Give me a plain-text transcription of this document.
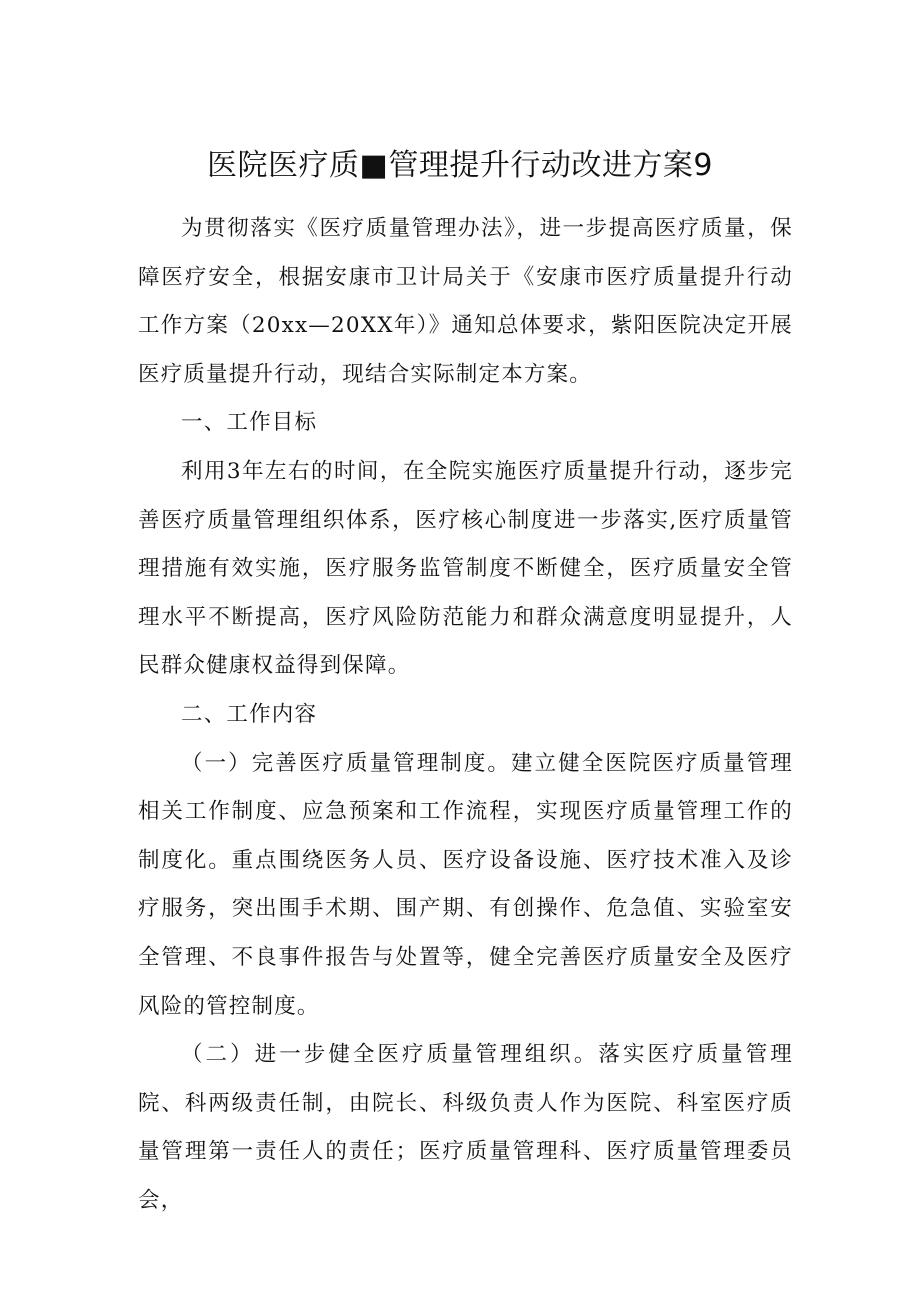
医院医疗质■管理提升行动改进方案9

为贯彻落实《医疗质量管理办法》，进一步提高医疗质量，保障医疗安全，根据安康市卫计局关于《安康市医疗质量提升行动工作方案（20xx—20XX年）》通知总体要求，紫阳医院决定开展医疗质量提升行动，现结合实际制定本方案。

一、工作目标

利用3年左右的时间，在全院实施医疗质量提升行动，逐步完善医疗质量管理组织体系，医疗核心制度进一步落实,医疗质量管理措施有效实施，医疗服务监管制度不断健全，医疗质量安全管理水平不断提高，医疗风险防范能力和群众满意度明显提升，人民群众健康权益得到保障。

二、工作内容

（一）完善医疗质量管理制度。建立健全医院医疗质量管理相关工作制度、应急预案和工作流程，实现医疗质量管理工作的制度化。重点围绕医务人员、医疗设备设施、医疗技术准入及诊疗服务，突出围手术期、围产期、有创操作、危急值、实验室安全管理、不良事件报告与处置等，健全完善医疗质量安全及医疗风险的管控制度。

（二）进一步健全医疗质量管理组织。落实医疗质量管理院、科两级责任制，由院长、科级负责人作为医院、科室医疗质量管理第一责任人的责任；医疗质量管理科、医疗质量管理委员会，
